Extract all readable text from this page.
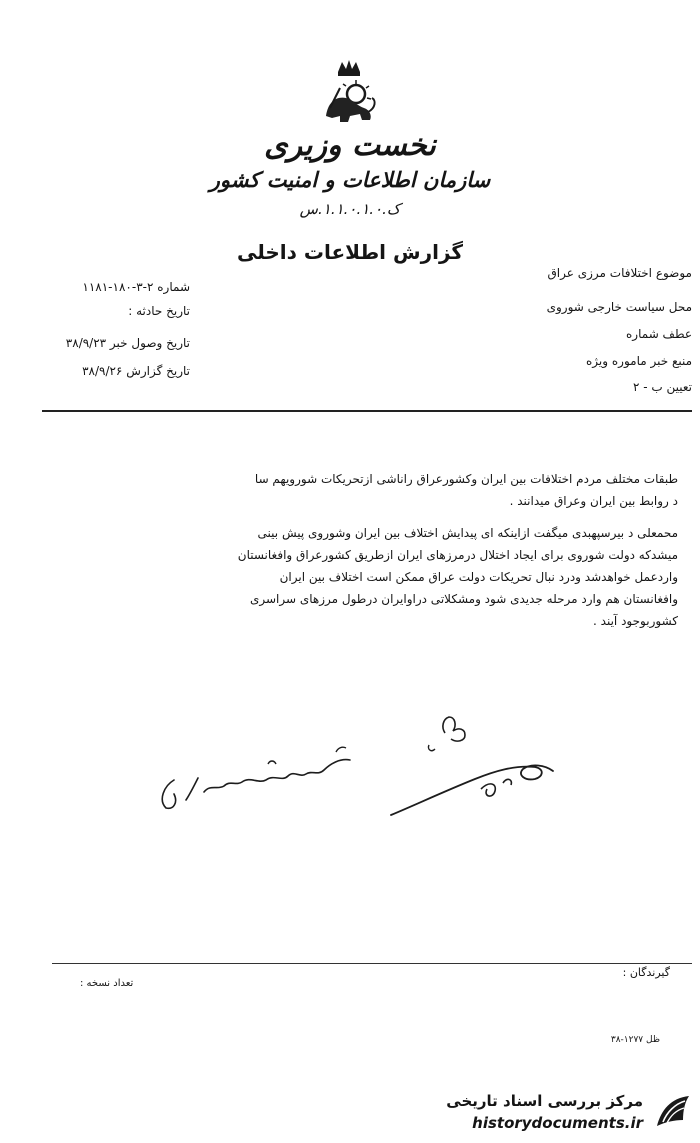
نخست وزیری
سازمان اطلاعات و امنیت کشور
ک.۱.۱.۰.۱.۰.س
گزارش اطلاعات داخلی
شماره ۲-۳-۱۸۰-۱۱۸۱
تاریخ حادثه :
تاریخ وصول خبر ۳۸/۹/۲۳
تاریخ گزارش ۳۸/۹/۲۶
موضوع اختلافات مرزی عراق
محل سیاست خارجی شوروی
عطف شماره
منبع خبر ماموره ویژه
تعیین ب - ۲
طبقات مختلف مردم اختلافات بین ایران وکشورعراق راناشی ازتحریکات شورویهم سا
د روابط بین ایران وعراق میدانند .
محمعلی د بیرسپهبدی میگفت ازاینکه ای پیدایش اختلاف بین ایران وشوروی پیش بینی
میشدکه دولت شوروی برای ایجاد اختلال درمرزهای ایران ازطریق کشورعراق وافغانستان
واردعمل خواهدشد ودرد نبال تحریکات دولت عراق ممکن است اختلاف بین ایران
وافغانستان هم وارد مرحله جدیدی شود ومشکلاتی دراوایران درطول مرزهای سراسری
کشوربوجود آیند .
گیرندگان :
تعداد نسخه :
۳۸-۱۲۷۷ ظل
مرکز بررسی اسناد تاریخی
historydocuments.ir
